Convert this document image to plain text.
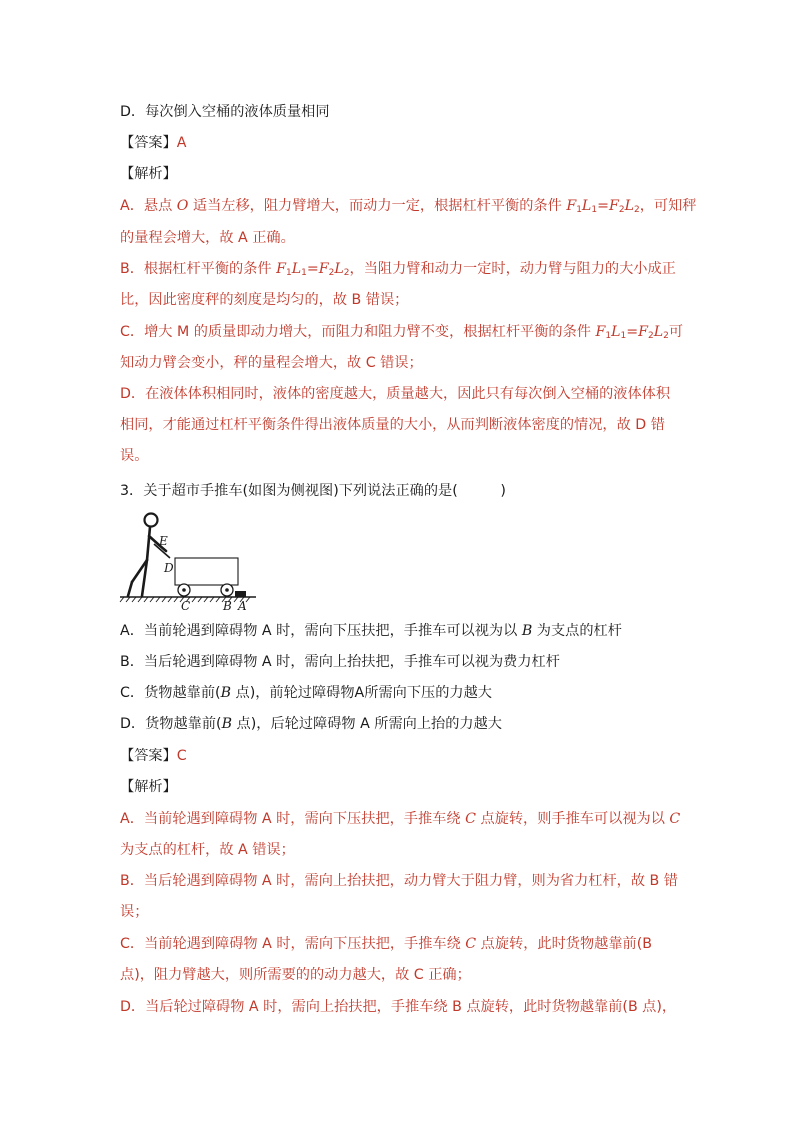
D．每次倒入空桶的液体质量相同
【答案】A
【解析】
A．悬点 O 适当左移，阻力臂增大，而动力一定，根据杠杆平衡的条件 $F_1L_1=F_2L_2$，可知秤
的量程会增大，故 A 正确。
B．根据杠杆平衡的条件 $F_1L_1=F_2L_2$，当阻力臂和动力一定时，动力臂与阻力的大小成正
比，因此密度秤的刻度是均匀的，故 B 错误；
C．增大 M 的质量即动力增大，而阻力和阻力臂不变，根据杠杆平衡的条件 $F_1L_1=F_2L_2$可
知动力臂会变小，秤的量程会增大，故 C 错误；
D．在液体体积相同时，液体的密度越大，质量越大，因此只有每次倒入空桶的液体体积
相同，才能通过杠杆平衡条件得出液体质量的大小，从而判断液体密度的情况，故 D 错
误。
3．关于超市手推车(如图为侧视图)下列说法正确的是(　　　)
E
D
C	B A
A．当前轮遇到障碍物 A 时，需向下压扶把，手推车可以视为以 B 为支点的杠杆
B．当后轮遇到障碍物 A 时，需向上抬扶把，手推车可以视为费力杠杆
C．货物越靠前(B 点)，前轮过障碍物A所需向下压的力越大
D．货物越靠前(B 点)，后轮过障碍物 A 所需向上抬的力越大
【答案】C
【解析】
A．当前轮遇到障碍物 A 时，需向下压扶把，手推车绕 C 点旋转，则手推车可以视为以 C
为支点的杠杆，故 A 错误；
B．当后轮遇到障碍物 A 时，需向上抬扶把，动力臂大于阻力臂，则为省力杠杆，故 B 错
误；
C．当前轮遇到障碍物 A 时，需向下压扶把，手推车绕 C 点旋转，此时货物越靠前(B
点)，阻力臂越大，则所需要的的动力越大，故 C 正确；
D．当后轮过障碍物 A 时，需向上抬扶把，手推车绕 B 点旋转，此时货物越靠前(B 点)，
